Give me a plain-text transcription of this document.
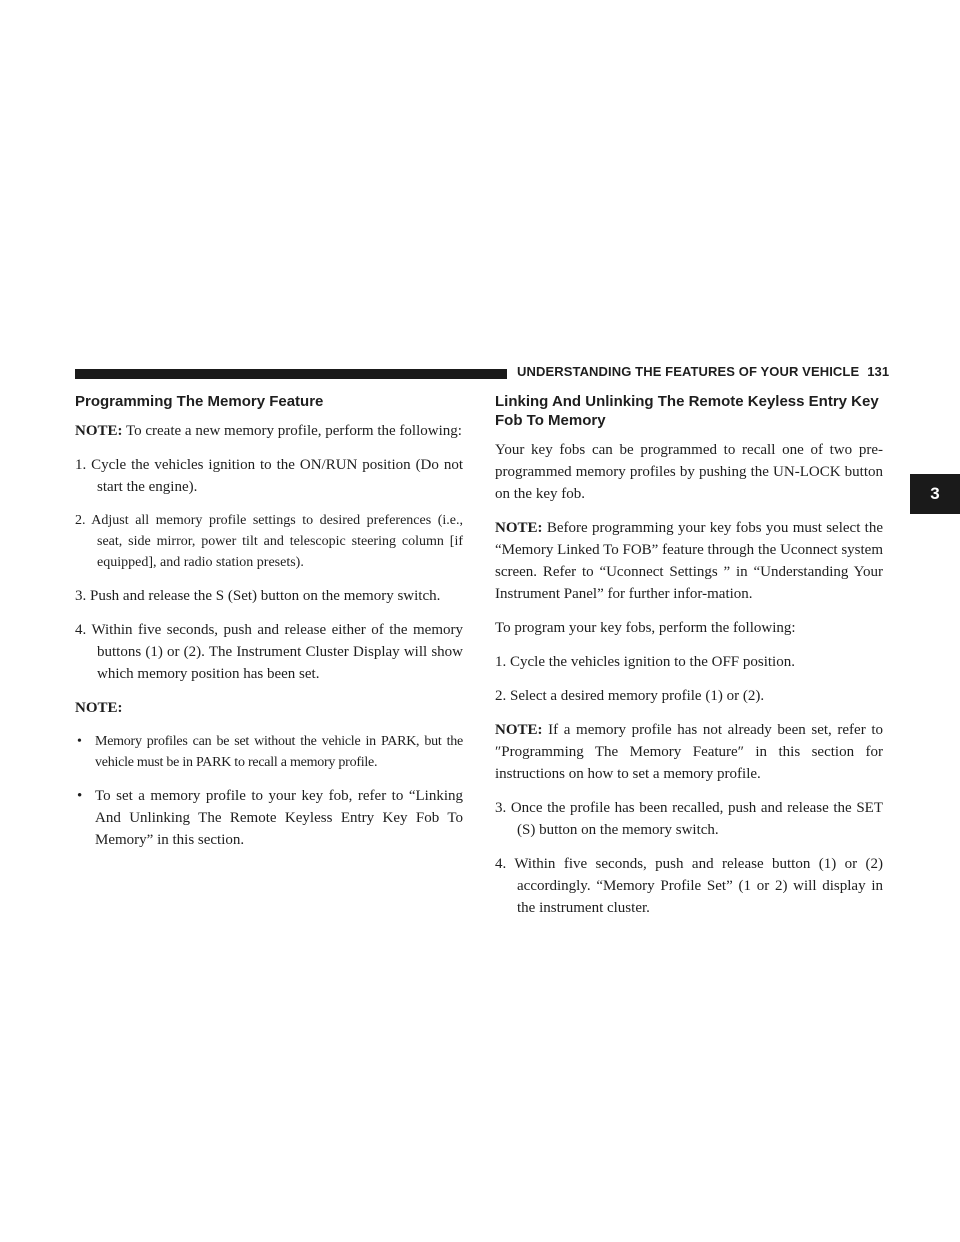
UNDERSTANDING THE FEATURES OF YOUR VEHICLE 131
3
Programming The Memory Feature

NOTE: To create a new memory profile, perform the following:

1. Cycle the vehicles ignition to the ON/RUN position (Do not start the engine).

2. Adjust all memory profile settings to desired preferences (i.e., seat, side mirror, power tilt and telescopic steering column [if equipped], and radio station presets).

3. Push and release the S (Set) button on the memory switch.

4. Within five seconds, push and release either of the memory buttons (1) or (2). The Instrument Cluster Display will show which memory position has been set.

NOTE:

• Memory profiles can be set without the vehicle in PARK, but the vehicle must be in PARK to recall a memory profile.

• To set a memory profile to your key fob, refer to “Linking And Unlinking The Remote Keyless Entry Key Fob To Memory” in this section.

Linking And Unlinking The Remote Keyless Entry Key Fob To Memory

Your key fobs can be programmed to recall one of two pre-programmed memory profiles by pushing the UN-LOCK button on the key fob.

NOTE: Before programming your key fobs you must select the “Memory Linked To FOB” feature through the Uconnect system screen. Refer to “Uconnect Settings ” in “Understanding Your Instrument Panel” for further infor-mation.

To program your key fobs, perform the following:

1. Cycle the vehicles ignition to the OFF position.

2. Select a desired memory profile (1) or (2).

NOTE: If a memory profile has not already been set, refer to ″Programming The Memory Feature″ in this section for instructions on how to set a memory profile.

3. Once the profile has been recalled, push and release the SET (S) button on the memory switch.

4. Within five seconds, push and release button (1) or (2) accordingly. “Memory Profile Set” (1 or 2) will display in the instrument cluster.
